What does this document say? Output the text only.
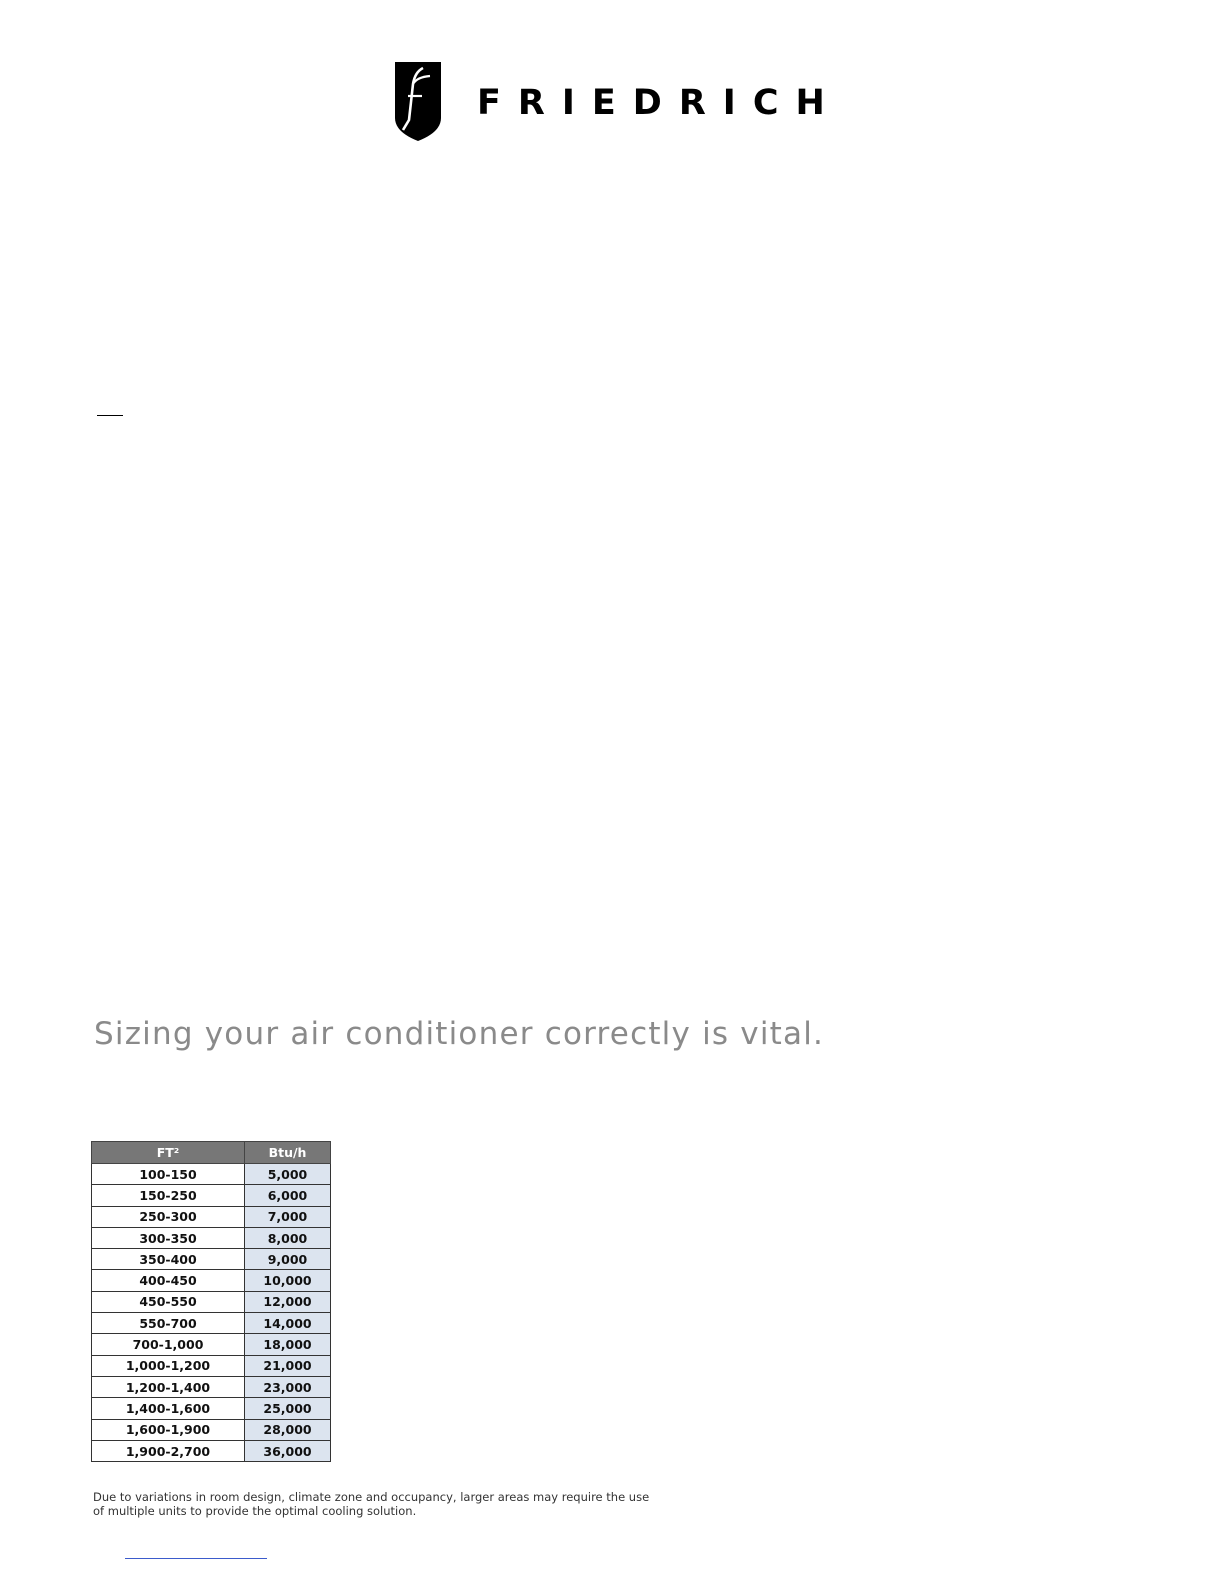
FRIEDRICH
Sizing your air conditioner correctly is vital.
FT²	Btu/h
100-150	5,000
150-250	6,000
250-300	7,000
300-350	8,000
350-400	9,000
400-450	10,000
450-550	12,000
550-700	14,000
700-1,000	18,000
1,000-1,200	21,000
1,200-1,400	23,000
1,400-1,600	25,000
1,600-1,900	28,000
1,900-2,700	36,000
Due to variations in room design, climate zone and occupancy, larger areas may require the use
of multiple units to provide the optimal cooling solution.
